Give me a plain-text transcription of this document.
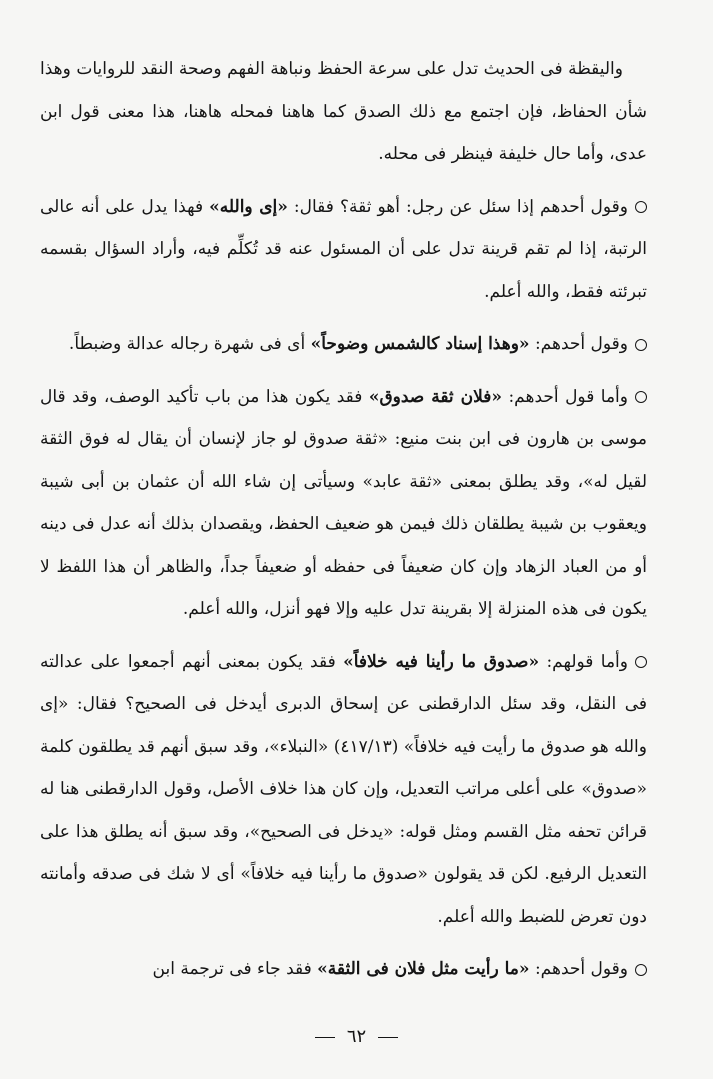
واليقظة فى الحديث تدل على سرعة الحفظ ونباهة الفهم وصحة النقد للروايات وهذا شأن الحفاظ، فإن اجتمع مع ذلك الصدق كما هاهنا فمحله هاهنا، هذا معنى قول ابن عدى، وأما حال خليفة فينظر فى محله.

وقول أحدهم إذا سئل عن رجل: أهو ثقة؟ فقال: «إى والله» فهذا يدل على أنه عالى الرتبة، إذا لم تقم قرينة تدل على أن المسئول عنه قد تُكلِّم فيه، وأراد السؤال بقسمه تبرئته فقط، والله أعلم.

وقول أحدهم: «وهذا إسناد كالشمس وضوحاً» أى فى شهرة رجاله عدالة وضبطاً.

وأما قول أحدهم: «فلان ثقة صدوق» فقد يكون هذا من باب تأكيد الوصف، وقد قال موسى بن هارون فى ابن بنت منيع: «ثقة صدوق لو جاز لإنسان أن يقال له فوق الثقة لقيل له»، وقد يطلق بمعنى «ثقة عابد» وسيأتى إن شاء الله أن عثمان بن أبى شيبة ويعقوب بن شيبة يطلقان ذلك فيمن هو ضعيف الحفظ، ويقصدان بذلك أنه عدل فى دينه أو من العباد الزهاد وإن كان ضعيفاً فى حفظه أو ضعيفاً جداً، والظاهر أن هذا اللفظ لا يكون فى هذه المنزلة إلا بقرينة تدل عليه وإلا فهو أنزل، والله أعلم.

وأما قولهم: «صدوق ما رأينا فيه خلافاً» فقد يكون بمعنى أنهم أجمعوا على عدالته فى النقل، وقد سئل الدارقطنى عن إسحاق الدبرى أيدخل فى الصحيح؟ فقال: «إى والله هو صدوق ما رأيت فيه خلافاً» (٤١٧/١٣) «النبلاء»، وقد سبق أنهم قد يطلقون كلمة «صدوق» على أعلى مراتب التعديل، وإن كان هذا خلاف الأصل، وقول الدارقطنى هنا له قرائن تحفه مثل القسم ومثل قوله: «يدخل فى الصحيح»، وقد سبق أنه يطلق هذا على التعديل الرفيع. لكن قد يقولون «صدوق ما رأينا فيه خلافاً» أى لا شك فى صدقه وأمانته دون تعرض للضبط والله أعلم.

وقول أحدهم: «ما رأيت مثل فلان فى الثقة» فقد جاء فى ترجمة ابن

٦٢
